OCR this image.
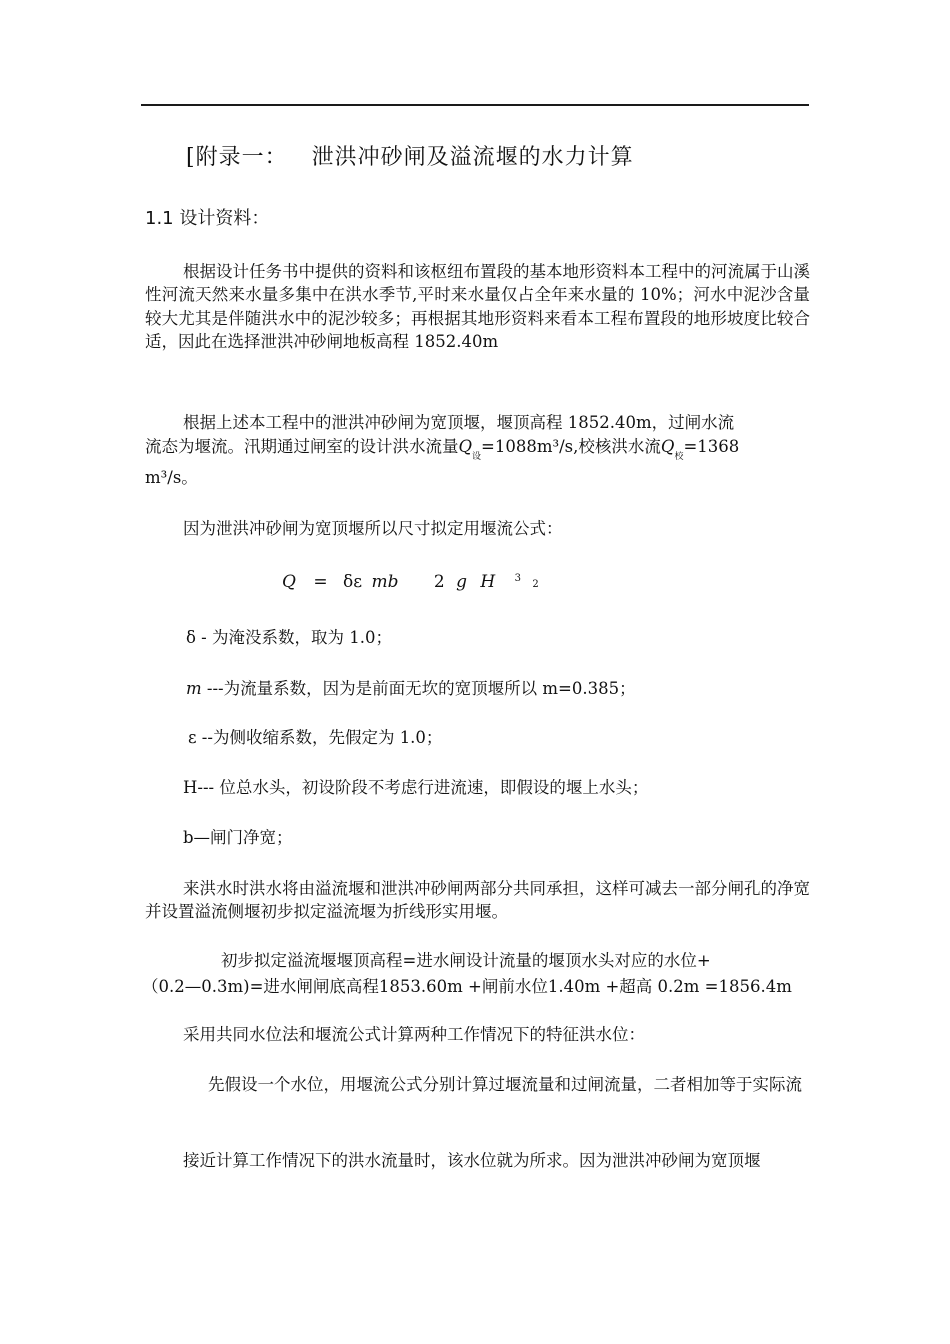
[附录一： 泄洪冲砂闸及溢流堰的水力计算

1.1 设计资料：

根据设计任务书中提供的资料和该枢纽布置段的基本地形资料本工程中的河流属于山溪性河流天然来水量多集中在洪水季节,平时来水量仅占全年来水量的 10%；河水中泥沙含量较大尤其是伴随洪水中的泥沙较多；再根据其地形资料来看本工程布置段的地形坡度比较合适，因此在选择泄洪冲砂闸地板高程 1852.40m

根据上述本工程中的泄洪冲砂闸为宽顶堰，堰顶高程 1852.40m，过闸水流

流态为堰流。汛期通过闸室的设计洪水流量$Q_设=1088m^3/s$,校核洪水流$Q_校=1368$

m³/s。

因为泄洪冲砂闸为宽顶堰所以尺寸拟定用堰流公式：

Q = δε mb 2 g H 3 2

δ - 为淹没系数，取为 1.0；

m ---为流量系数，因为是前面无坎的宽顶堰所以 m=0.385；

ε --为侧收缩系数，先假定为 1.0；

H--- 位总水头，初设阶段不考虑行进流速，即假设的堰上水头；

b—闸门净宽；

来洪水时洪水将由溢流堰和泄洪冲砂闸两部分共同承担，这样可减去一部分闸孔的净宽并设置溢流侧堰初步拟定溢流堰为折线形实用堰。

初步拟定溢流堰堰顶高程=进水闸设计流量的堰顶水头对应的水位+

（0.2—0.3m)=进水闸闸底高程1853.60m +闸前水位1.40m +超高 0.2m =1856.4m

采用共同水位法和堰流公式计算两种工作情况下的特征洪水位：

先假设一个水位，用堰流公式分别计算过堰流量和过闸流量，二者相加等于实际流

接近计算工作情况下的洪水流量时，该水位就为所求。因为泄洪冲砂闸为宽顶堰
